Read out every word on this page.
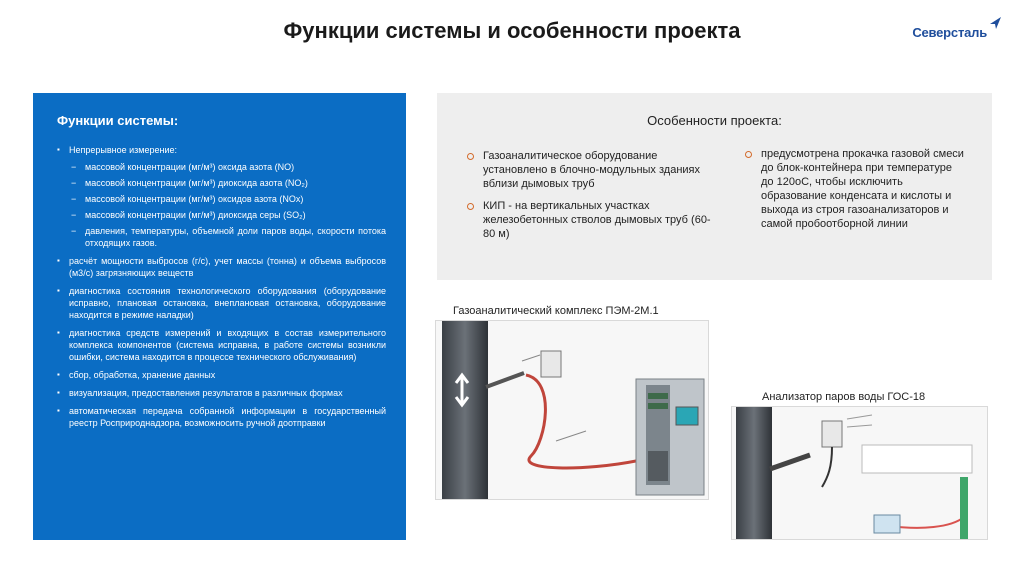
Функции системы и особенности проекта	Северсталь
Функции системы:
▪ Непрерывное измерение:
− массовой концентрации (мг/м³) оксида азота (NO)
− массовой концентрации (мг/м³) диоксида азота (NO₂)
− массовой концентрации (мг/м³) оксидов азота (NOx)
− массовой концентрации (мг/м³) диоксида серы (SO₂)
− давления, температуры, объемной доли паров воды, скорости потока отходящих газов.
▪ расчёт мощности выбросов (г/с), учет массы (тонна) и объема выбросов (м3/с) загрязняющих веществ
▪ диагностика состояния технологического оборудования (оборудование исправно, плановая остановка, внеплановая остановка, оборудование находится в режиме наладки)
▪ диагностика средств измерений и входящих в состав измерительного комплекса компонентов (система исправна, в работе системы возникли ошибки, система находится в процессе технического обслуживания)
▪ сбор, обработка, хранение данных
▪ визуализация, предоставления результатов в различных формах
▪ автоматическая передача собранной информации в государственный реестр Росприроднадзора, возможносить ручной доотправки
Особенности проекта:
Газоаналитическое оборудование установлено в блочно-модульных зданиях вблизи дымовых труб
КИП - на вертикальных участках железобетонных стволов дымовых труб (60-80 м)
предусмотрена прокачка газовой смеси до блок-контейнера при температуре до 120оС, чтобы исключить образование конденсата и кислоты и выхода из строя газоанализаторов и самой пробоотборной линии
Газоаналитический комплекс ПЭМ-2М.1
Анализатор паров воды ГОС-18
